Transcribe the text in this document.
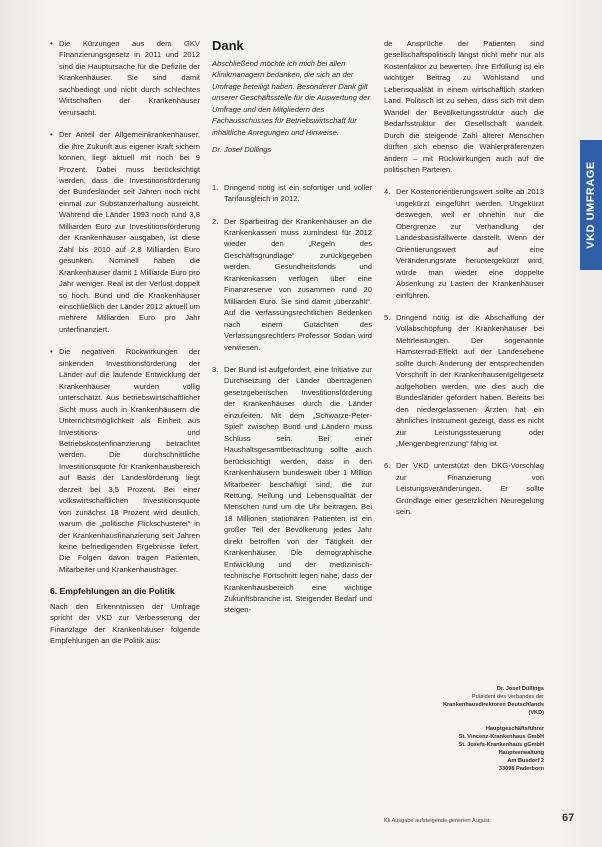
• Die Kürzungen aus dem GKV FInanzierungsgesetz in 2011 und 2012 sind die Hauptursache für die Defizite der Krankenhäuser. Sie sind damit sachbedingt und nicht durch schlechtes Wirtschaften der Krankenhäuser verursacht.
• Der Anteil der Allgemeinkrankenhäuser, die ihre Zukunft aus eigener Kraft sichern können, liegt aktuell mit noch bei 9 Prozent. Dabei muss berücksichtigt werden, dass die Investitionsförderung der Bundesländer seit Jahren noch nicht einmal zur Substanzerhaltung ausreicht. Während die Länder 1993 noch rund 3,8 Milliarden Euro zur Investitionsförderung der Krankenhäuser ausgaben, ist diese Zahl bis 2010 auf 2,8 Milliarden Euro gesunken. Nominell haben die Krankenhäuser damit 1 Milliarde Euro pro Jahr weniger. Real ist der Verlust doppelt so hoch. Bund und die Krankenhäuser einschließlich der Länder 2012 aktuell um mehrere Milliarden Euro pro Jahr unterfinanziert.
• Die negativen Rückwirkungen der sinkenden Investitionsförderung der Länder auf die laufende Entwicklung der Krankenhäuser wurden völlig unterschätzt. Aus betriebswirtschaftlicher Sicht muss auch in Krankenhäusern die Unterrichtsmöglichkeit als Einheit aus Investitions- und Betriebskostenfinanzierung betrachtet werden. Die durchschnittliche Investitionsquote für Krankenhausbereich auf Basis der Landesförderung liegt derzeit bei 3,5 Prozent. Bei einer volkswirtschaftlichen Investitionsquote von zunächst 18 Prozent wird deutlich, warum die „politische Flickschusterei“ in der Krankenhausfinanzierung seit Jahren keine befriedigenden Ergebnisse liefert. Die Folgen davon tragen Patienten, Mitarbeiter und Krankenhausträger.
6. Empfehlungen an die Politik

Nach den Erkenntnissen der Umfrage spricht der VKD zur Verbesserung der Finanzlage der Krankenhäuser folgende Empfehlungen an die Politik aus:

Dank

Abschließend möchte ich mich bei allen Klinikmanagern bedanken, die sich an der Umfrage beteiligt haben. Besonderer Dank gilt unserer Geschäftsstelle für die Auswertung der Umfrage und den Mitgliedern des Fachausschusses für Betriebswirtschaft für inhaltliche Anregungen und Hinweise.

Dr. Josef Düllings

1. Dringend nötig ist ein sofortiger und voller Tarifausgleich in 2012.
2. Der Sparbeitrag der Krankenhäuser an die Krankenkassen muss zumindest für 2012 wieder den „Regeln des Geschäftsgrundlage“ zurückgegeben werden. Gesundheitsfonds und Krankenkassen verfügen über eine Finanzreserve von zusammen rund 20 Milliarden Euro. Sie sind damit „überzahlt“. Auf die verfassungsrechtlichen Bedenken nach einem Gutachten des Verfassungsrechtlers Professor Sodan wird verwiesen.
3. Der Bund ist aufgefordert, eine Initiative zur Durchsetzung der Länder übertragenen gesetzgeberischen Investitionsförderung der Krankenhäuser durch die Länder einzuleiten. Mit dem „Schwarze-Peter-Spiel“ zwischen Bund und Ländern muss Schluss sein. Bei einer Haushaltsgesamtbetrachtung sollte auch berücksichtigt werden, dass in den Krankenhäusern bundesweit über 1 Million Mitarbeiter beschäftigt sind, die zur Rettung, Heilung und Lebensqualität der Menschen rund um die Uhr beitragen. Bei 18 Millionen stationären Patienten ist ein großer Teil der Bevölkerung jedes Jahr direkt betroffen von der Tätigkeit der Krankenhäuser. Die demographische Entwicklung und der medizinisch-technische Fortschritt legen nahe, dass der Krankenhausbereich eine wichtige Zukunftsbranche ist. Steigender Bedarf und steigen-

de Ansprüche der Patienten sind gesellschaftspolitisch längst nicht mehr nur als Kostenfaktor zu bewerten. Ihre Erfüllung ist ein wichtiger Beitrag zu Wohlstand und Lebensqualität in einem wirtschaftlich starken Land. Politisch ist zu sehen, dass sich mit dem Wandel der Bevölkerungsstruktur auch die Bedarfsstruktur der Gesellschaft wandelt. Durch die steigende Zahl älterer Menschen dürften sich ebenso die Wählerpräferenzen ändern – mit Rückwirkungen auch auf die politischen Parteien.

4. Der Kostenorientierungswert sollte ab 2013 ungekürzt eingeführt werden. Ungekürzt deswegen, weil er ohnehin nur die Obergrenze zur Verhandlung der Landesbasisfallwerte darstellt. Wenn der Orientierungswert auf eine Veränderungsrate heruntergekürzt wird, würde man wieder eine doppelte Absenkung zu Lasten der Krankenhäuser einführen.
5. Dringend nötig ist die Abschaffung der Vollabschöpfung der Krankenhäuser bei Mehrleistungen. Der sogenannte Hamsterrad-Effekt auf der Landesebene sollte durch Änderung der entsprechenden Vorschrift in der Krankenhausentgeltgesetz aufgehoben werden, wie dies auch die Bundesländer gefordert haben. Bereits bei den niedergelassenen Ärzten hat ein ähnliches Instrument gezeigt, dass es nicht zur Leistungssteuerung oder „Mengenbegrenzung“ fähig ist.
6. Der VKD unterstützt den DKG-Vorschlag zur Finanzierung von Leistungsveränderungen. Er sollte Grundlage einer gesetzlichen Neuregelung sein.
Dr. Josef Düllings
Präsident des Verbandes der
Krankenhausdirektoren Deutschlands
(VKD)
Hauptgeschäftsführer
St. Vincenz-Krankenhaus GmbH
St. Josefs-Krankenhaus gGmbH
Hauptverwaltung
Am Busdorf 2
33098 Paderborn
Kli Ausgabe aufsteigende generiert August	67
VKD UMFRAGE
